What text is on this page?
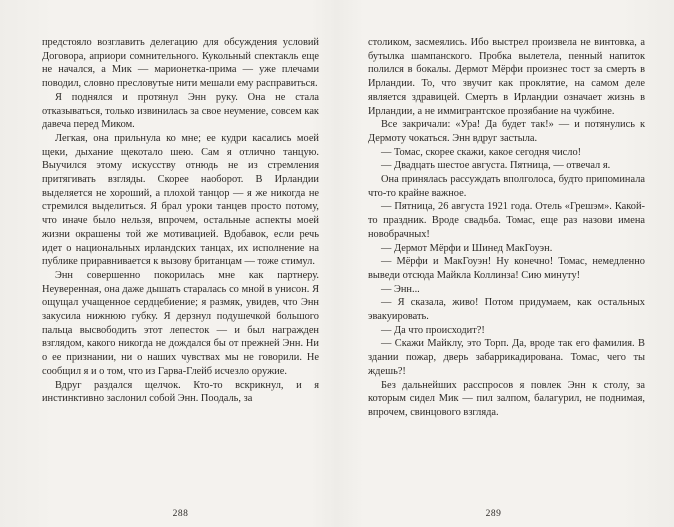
предстояло возглавить делегацию для обсуждения условий Договора, априори сомнительного. Кукольный спектакль еще не начался, а Мик — марионетка-прима — уже плечами поводил, словно пресловутые нити мешали ему расправиться.

Я поднялся и протянул Энн руку. Она не стала отказываться, только извинилась за свое неумение, совсем как давеча перед Миком.

Легкая, она прильнула ко мне; ее кудри касались моей щеки, дыхание щекотало шею. Сам я отлично танцую. Выучился этому искусству отнюдь не из стремления притягивать взгляды. Скорее наоборот. В Ирландии выделяется не хороший, а плохой танцор — я же никогда не стремился выделиться. Я брал уроки танцев просто потому, что иначе было нельзя, впрочем, остальные аспекты моей жизни окрашены той же мотивацией. Вдобавок, если речь идет о национальных ирландских танцах, их исполнение на публике приравнивается к вызову британцам — тоже стимул.

Энн совершенно покорилась мне как партнеру. Неуверенная, она даже дышать старалась со мной в унисон. Я ощущал учащенное сердцебиение; я размяк, увидев, что Энн закусила нижнюю губку. Я дерзнул подушечкой большого пальца высвободить этот лепесток — и был награжден взглядом, какого никогда не дождался бы от прежней Энн. Ни о ее признании, ни о наших чувствах мы не говорили. Не сообщил я и о том, что из Гарва-Глейб исчезло оружие.

Вдруг раздался щелчок. Кто-то вскрикнул, и я инстинктивно заслонил собой Энн. Поодаль, за

288

столиком, засмеялись. Ибо выстрел произвела не винтовка, а бутылка шампанского. Пробка вылетела, пенный напиток полился в бокалы. Дермот Мёрфи произнес тост за смерть в Ирландии. То, что звучит как проклятие, на самом деле является здравицей. Смерть в Ирландии означает жизнь в Ирландии, а не иммигрантское прозябание на чужбине.

Все закричали: «Ура! Да будет так!» — и потянулись к Дермоту чокаться. Энн вдруг застыла.

— Томас, скорее скажи, какое сегодня число!

— Двадцать шестое августа. Пятница, — отвечал я.

Она принялась рассуждать вполголоса, будто припоминала что-то крайне важное.

— Пятница, 26 августа 1921 года. Отель «Грешэм». Какой-то праздник. Вроде свадьба. Томас, еще раз назови имена новобрачных!

— Дермот Мёрфи и Шинед МакГоуэн.

— Мёрфи и МакГоуэн! Ну конечно! Томас, немедленно выведи отсюда Майкла Коллинза! Сию минуту!

— Энн...

— Я сказала, живо! Потом придумаем, как остальных эвакуировать.

— Да что происходит?!

— Скажи Майклу, это Торп. Да, вроде так его фамилия. В здании пожар, дверь забаррикадирована. Томас, чего ты ждешь?!

Без дальнейших расспросов я повлек Энн к столу, за которым сидел Мик — пил залпом, балагурил, не поднимая, впрочем, свинцового взгляда.

289
